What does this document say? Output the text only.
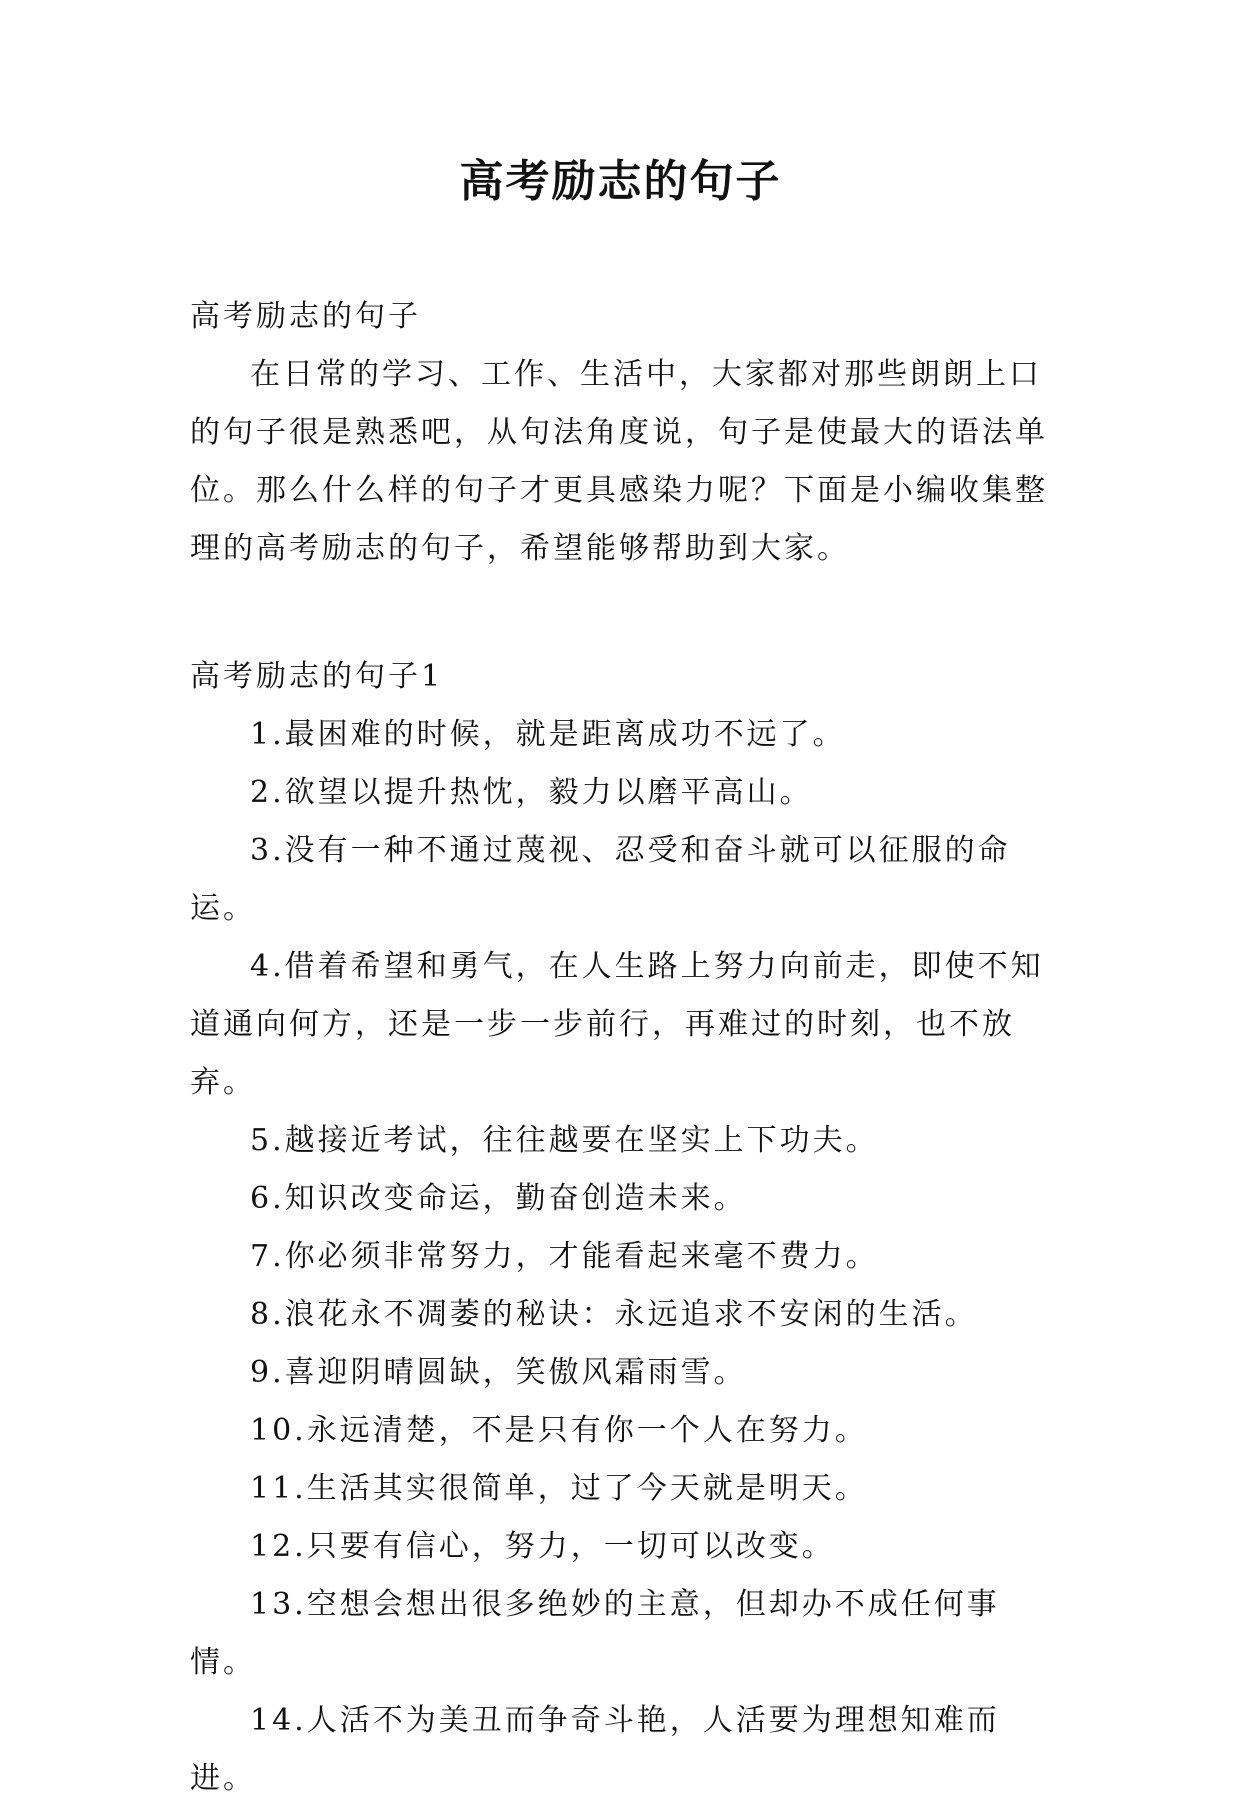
高考励志的句子

高考励志的句子

在日常的学习、工作、生活中，大家都对那些朗朗上口的句子很是熟悉吧，从句法角度说，句子是使最大的语法单位。那么什么样的句子才更具感染力呢？下面是小编收集整理的高考励志的句子，希望能够帮助到大家。

高考励志的句子1

1.最困难的时候，就是距离成功不远了。

2.欲望以提升热忱，毅力以磨平高山。

3.没有一种不通过蔑视、忍受和奋斗就可以征服的命运。

4.借着希望和勇气，在人生路上努力向前走，即使不知道通向何方，还是一步一步前行，再难过的时刻，也不放弃。

5.越接近考试，往往越要在坚实上下功夫。

6.知识改变命运，勤奋创造未来。

7.你必须非常努力，才能看起来毫不费力。

8.浪花永不凋萎的秘诀：永远追求不安闲的生活。

9.喜迎阴晴圆缺，笑傲风霜雨雪。

10.永远清楚，不是只有你一个人在努力。

11.生活其实很简单，过了今天就是明天。

12.只要有信心，努力，一切可以改变。

13.空想会想出很多绝妙的主意，但却办不成任何事情。

14.人活不为美丑而争奇斗艳，人活要为理想知难而进。
